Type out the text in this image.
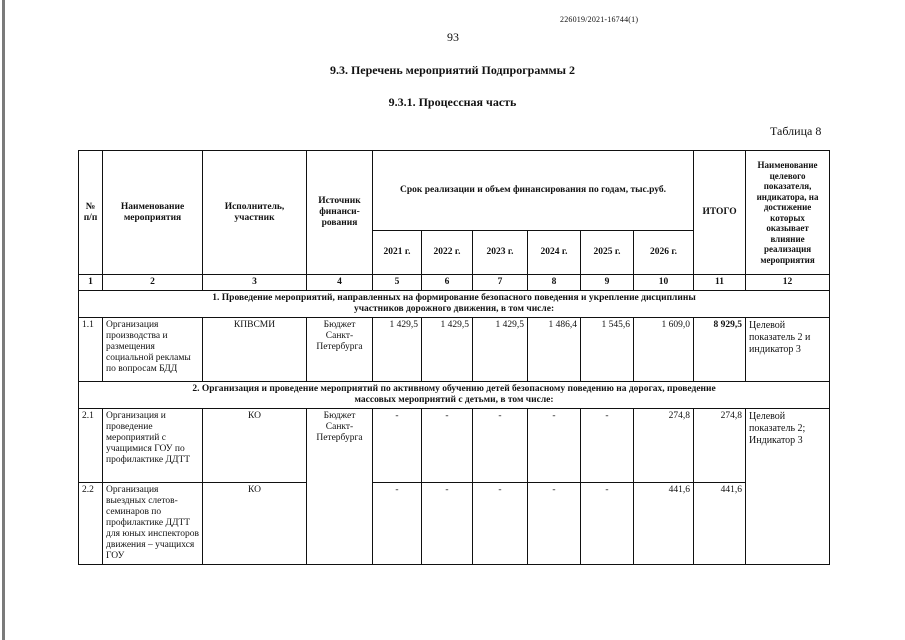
226019/2021-16744(1)
93
9.3. Перечень мероприятий Подпрограммы 2
9.3.1. Процессная часть
Таблица 8
№ п/п	Наименование мероприятия	Исполнитель, участник	Источник финанси-рования	Срок реализации и объем финансирования по годам, тыс.руб.						ИТОГО	Наименование целевого показателя, индикатора, на достижение которых оказывает влияние реализация мероприятия
				2021 г.	2022 г.	2023 г.	2024 г.	2025 г.	2026 г.		
1	2	3	4	5	6	7	8	9	10	11	12
1. Проведение мероприятий, направленных на формирование безопасного поведения и укрепление дисциплины участников дорожного движения, в том числе:											
1.1	Организация производства и размещения социальной рекламы по вопросам БДД	КПВСМИ	Бюджет Санкт-Петербурга	1 429,5	1 429,5	1 429,5	1 486,4	1 545,6	1 609,0	8 929,5	Целевой показатель 2 и индикатор 3
2. Организация и проведение мероприятий по активному обучению детей безопасному поведению на дорогах, проведение массовых мероприятий с детьми, в том числе:											
2.1	Организация и проведение мероприятий с учащимися ГОУ по профилактике ДДТТ	КО	Бюджет Санкт-Петербурга	-	-	-	-	-	274,8	274,8	Целевой показатель 2; Индикатор 3
2.2	Организация выездных слетов-семинаров по профилактике ДДТТ для юных инспекторов движения – учащихся ГОУ	КО		-	-	-	-	-	441,6	441,6	
